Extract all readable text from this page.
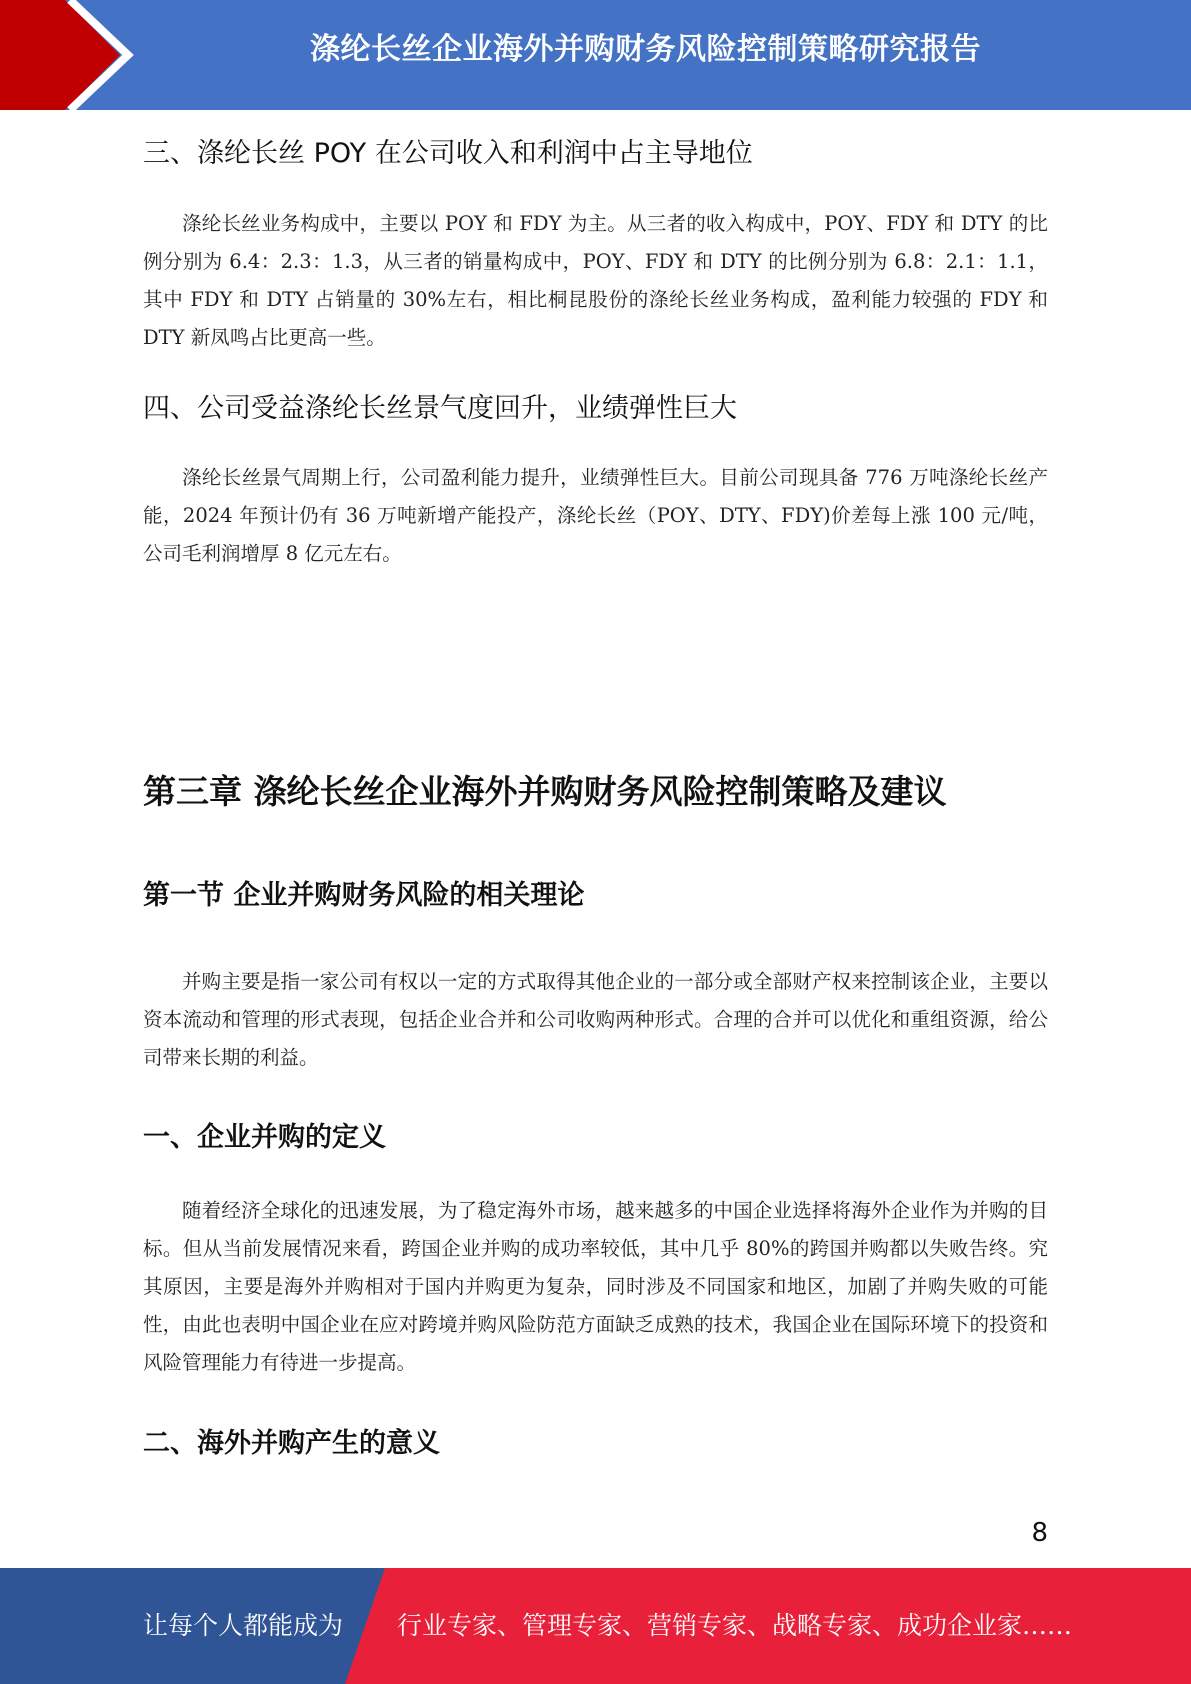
涤纶长丝企业海外并购财务风险控制策略研究报告
三、涤纶长丝 POY 在公司收入和利润中占主导地位

涤纶长丝业务构成中，主要以 POY 和 FDY 为主。从三者的收入构成中，POY、FDY 和 DTY 的比例分别为 6.4：2.3：1.3，从三者的销量构成中，POY、FDY 和 DTY 的比例分别为 6.8：2.1：1.1，其中 FDY 和 DTY 占销量的 30%左右，相比桐昆股份的涤纶长丝业务构成，盈利能力较强的 FDY 和 DTY 新凤鸣占比更高一些。

四、公司受益涤纶长丝景气度回升，业绩弹性巨大

涤纶长丝景气周期上行，公司盈利能力提升，业绩弹性巨大。目前公司现具备 776 万吨涤纶长丝产能，2024 年预计仍有 36 万吨新增产能投产，涤纶长丝（POY、DTY、FDY)价差每上涨 100 元/吨，公司毛利润增厚 8 亿元左右。

第三章 涤纶长丝企业海外并购财务风险控制策略及建议
第一节 企业并购财务风险的相关理论

并购主要是指一家公司有权以一定的方式取得其他企业的一部分或全部财产权来控制该企业，主要以资本流动和管理的形式表现，包括企业合并和公司收购两种形式。合理的合并可以优化和重组资源，给公司带来长期的利益。

一、企业并购的定义

随着经济全球化的迅速发展，为了稳定海外市场，越来越多的中国企业选择将海外企业作为并购的目标。但从当前发展情况来看，跨国企业并购的成功率较低，其中几乎 80%的跨国并购都以失败告终。究其原因，主要是海外并购相对于国内并购更为复杂，同时涉及不同国家和地区，加剧了并购失败的可能性，由此也表明中国企业在应对跨境并购风险防范方面缺乏成熟的技术，我国企业在国际环境下的投资和风险管理能力有待进一步提高。

二、海外并购产生的意义
8
让每个人都能成为 行业专家、管理专家、营销专家、战略专家、成功企业家……
